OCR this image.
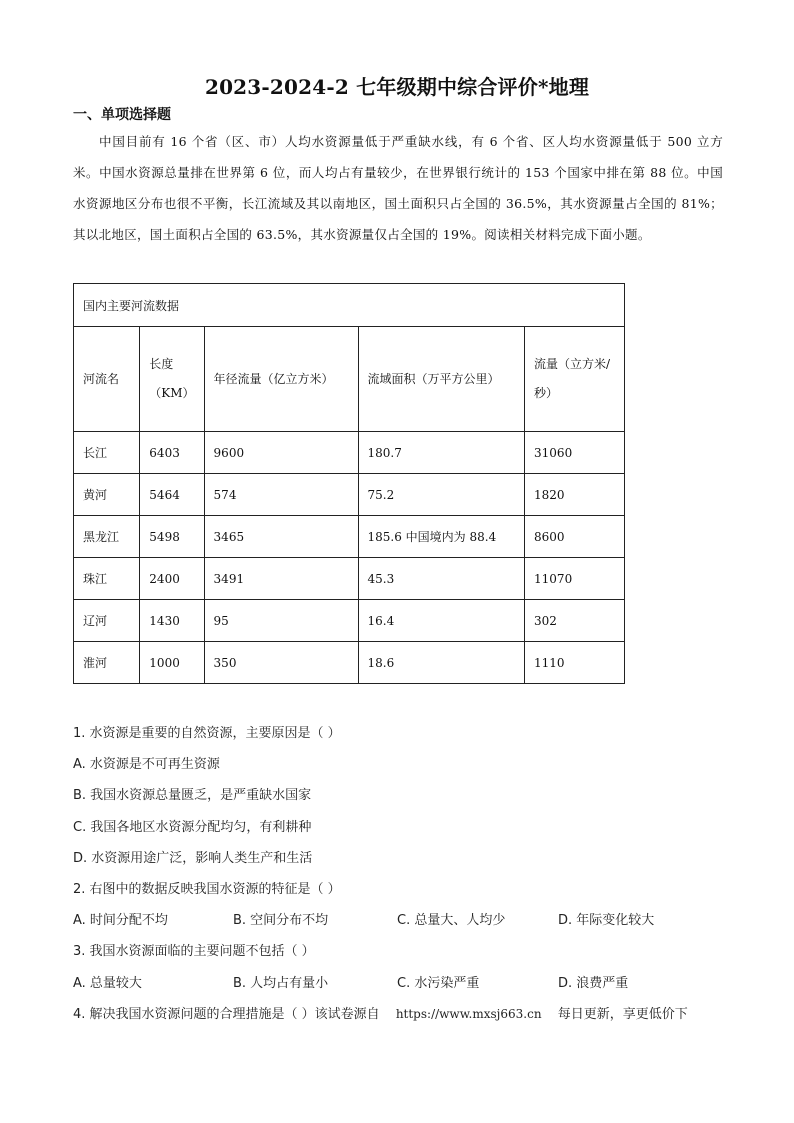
2023-2024-2 七年级期中综合评价*地理
一、单项选择题
中国目前有 16 个省（区、市）人均水资源量低于严重缺水线，有 6 个省、区人均水资源量低于 500 立方米。中国水资源总量排在世界第 6 位，而人均占有量较少，在世界银行统计的 153 个国家中排在第 88 位。中国水资源地区分布也很不平衡，长江流域及其以南地区，国土面积只占全国的 36.5%，其水资源量占全国的 81%；其以北地区，国土面积占全国的 63.5%，其水资源量仅占全国的 19%。阅读相关材料完成下面小题。
国内主要河流数据				
河流名	长度（KM）	年径流量（亿立方米）	流域面积（万平方公里）	流量（立方米/秒）
长江	6403	9600	180.7	31060
黄河	5464	574	75.2	1820
黑龙江	5498	3465	185.6 中国境内为 88.4	8600
珠江	2400	3491	45.3	11070
辽河	1430	95	16.4	302
淮河	1000	350	18.6	1110
1. 水资源是重要的自然资源，主要原因是（ ）
A. 水资源是不可再生资源
B. 我国水资源总量匮乏，是严重缺水国家
C. 我国各地区水资源分配均匀，有利耕种
D. 水资源用途广泛，影响人类生产和生活
2. 右图中的数据反映我国水资源的特征是（ ）
A. 时间分配不均	B. 空间分布不均	C. 总量大、人均少	D. 年际变化较大
3. 我国水资源面临的主要问题不包括（ ）
A. 总量较大	B. 人均占有量小	C. 水污染严重	D. 浪费严重
4. 解决我国水资源问题的合理措施是（ ）该试卷源自 https://www.mxsj663.cn 每日更新，享更低价下
